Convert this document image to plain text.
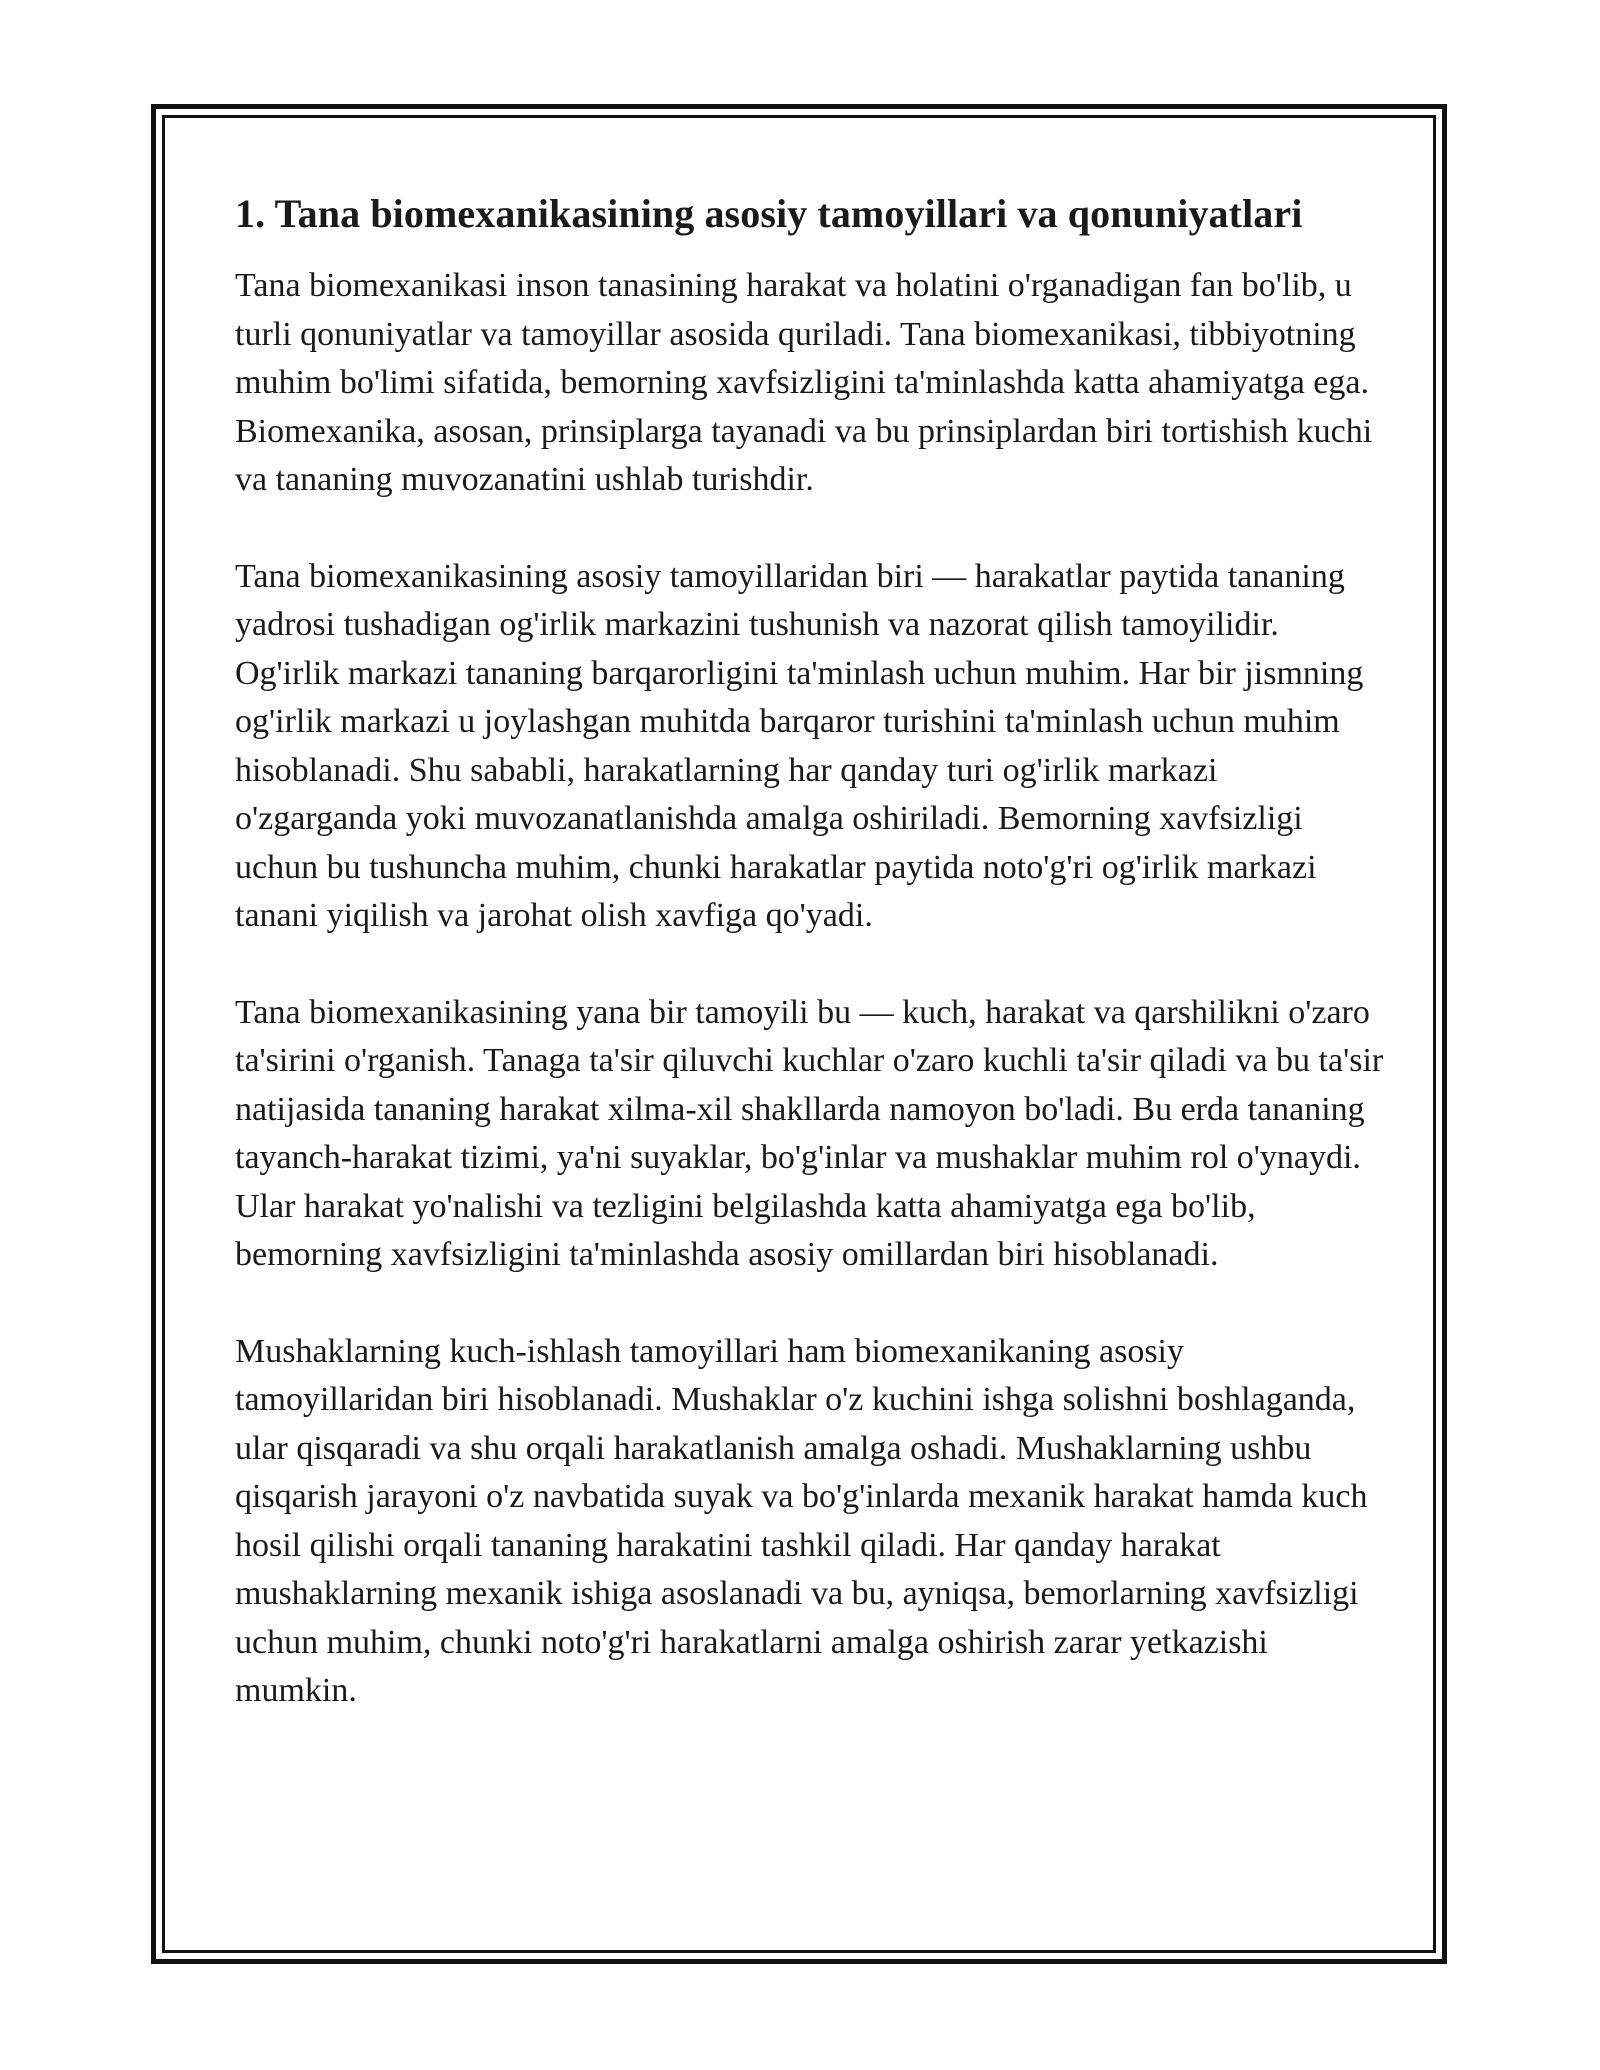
1. Tana biomexanikasining asosiy tamoyillari va qonuniyatlari

Tana biomexanikasi inson tanasining harakat va holatini o'rganadigan fan bo'lib, u turli qonuniyatlar va tamoyillar asosida quriladi. Tana biomexanikasi, tibbiyotning muhim bo'limi sifatida, bemorning xavfsizligini ta'minlashda katta ahamiyatga ega. Biomexanika, asosan, prinsiplarga tayanadi va bu prinsiplardan biri tortishish kuchi va tananing muvozanatini ushlab turishdir.

Tana biomexanikasining asosiy tamoyillaridan biri — harakatlar paytida tananing yadrosi tushadigan og'irlik markazini tushunish va nazorat qilish tamoyilidir. Og'irlik markazi tananing barqarorligini ta'minlash uchun muhim. Har bir jismning og'irlik markazi u joylashgan muhitda barqaror turishini ta'minlash uchun muhim hisoblanadi. Shu sababli, harakatlarning har qanday turi og'irlik markazi o'zgarganda yoki muvozanatlanishda amalga oshiriladi. Bemorning xavfsizligi uchun bu tushuncha muhim, chunki harakatlar paytida noto'g'ri og'irlik markazi tanani yiqilish va jarohat olish xavfiga qo'yadi.

Tana biomexanikasining yana bir tamoyili bu — kuch, harakat va qarshilikni o'zaro ta'sirini o'rganish. Tanaga ta'sir qiluvchi kuchlar o'zaro kuchli ta'sir qiladi va bu ta'sir natijasida tananing harakat xilma-xil shakllarda namoyon bo'ladi. Bu erda tananing tayanch-harakat tizimi, ya'ni suyaklar, bo'g'inlar va mushaklar muhim rol o'ynaydi. Ular harakat yo'nalishi va tezligini belgilashda katta ahamiyatga ega bo'lib, bemorning xavfsizligini ta'minlashda asosiy omillardan biri hisoblanadi.

Mushaklarning kuch-ishlash tamoyillari ham biomexanikaning asosiy tamoyillaridan biri hisoblanadi. Mushaklar o'z kuchini ishga solishni boshlaganda, ular qisqaradi va shu orqali harakatlanish amalga oshadi. Mushaklarning ushbu qisqarish jarayoni o'z navbatida suyak va bo'g'inlarda mexanik harakat hamda kuch hosil qilishi orqali tananing harakatini tashkil qiladi. Har qanday harakat mushaklarning mexanik ishiga asoslanadi va bu, ayniqsa, bemorlarning xavfsizligi uchun muhim, chunki noto'g'ri harakatlarni amalga oshirish zarar yetkazishi mumkin.
